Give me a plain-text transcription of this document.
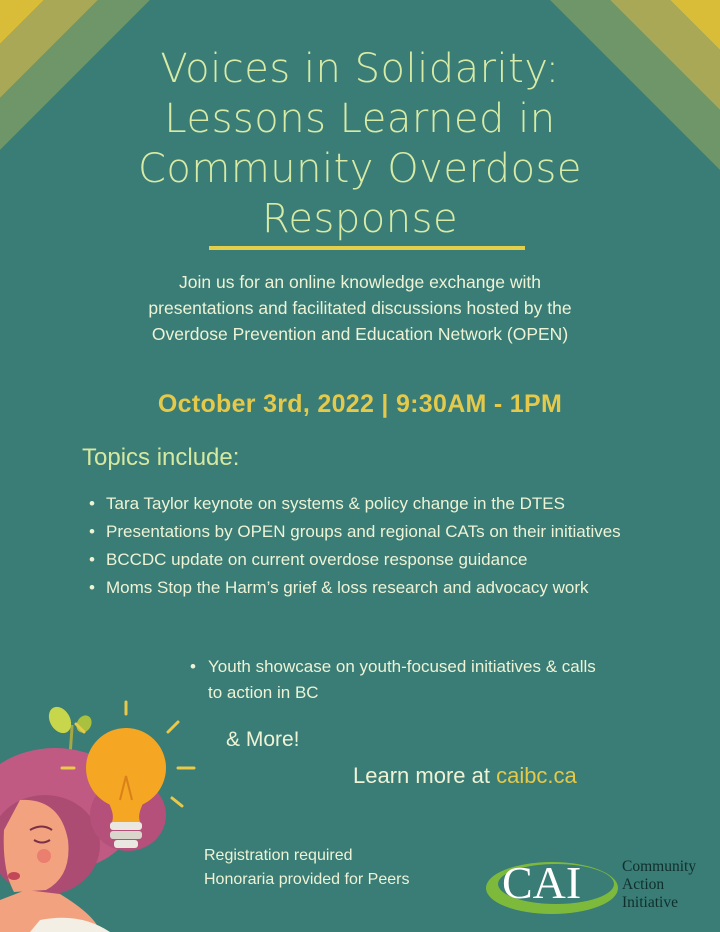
Voices in Solidarity:
Lessons Learned in
Community Overdose
Response
Join us for an online knowledge exchange with
presentations and facilitated discussions hosted by the
Overdose Prevention and Education Network (OPEN)
October 3rd, 2022 | 9:30AM - 1PM
Topics include:
• Tara Taylor keynote on systems & policy change in the DTES
• Presentations by OPEN groups and regional CATs on their initiatives
• BCCDC update on current overdose response guidance
• Moms Stop the Harm’s grief & loss research and advocacy work
• Youth showcase on youth-focused initiatives & calls
to action in BC
& More!
Learn more at caibc.ca
Registration required
Honoraria provided for Peers CAI	Community
Action
Initiative
